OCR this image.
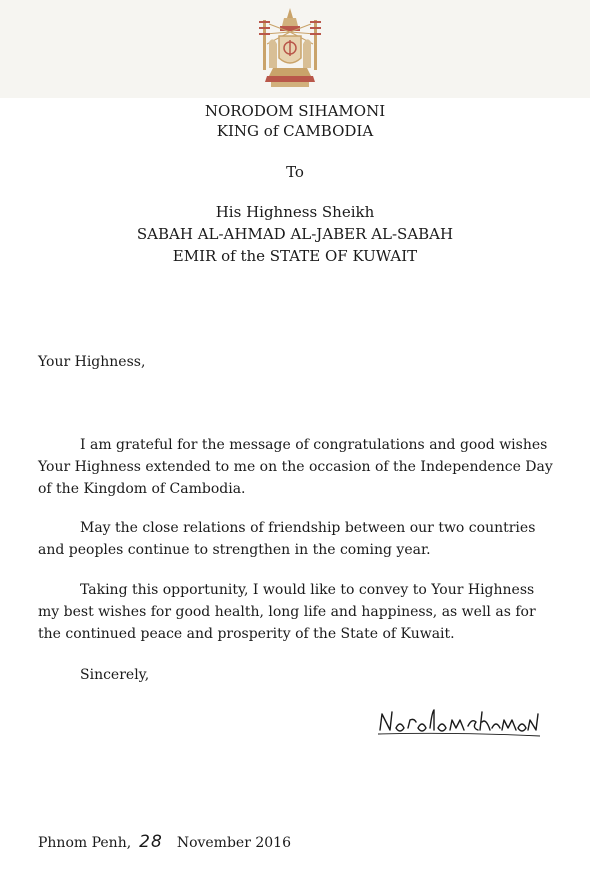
NORODOM SIHAMONI
KING of CAMBODIA
To
His Highness Sheikh
SABAH AL-AHMAD AL-JABER AL-SABAH
EMIR of the STATE OF KUWAIT
Your Highness,
I am grateful for the message of congratulations and good wishes
Your Highness extended to me on the occasion of the Independence Day
of the Kingdom of Cambodia.
May the close relations of friendship between our two countries
and peoples continue to strengthen in the coming year.
Taking this opportunity, I would like to convey to Your Highness
my best wishes for good health, long life and happiness, as well as for
the continued peace and prosperity of the State of Kuwait.
Sincerely,
Phnom Penh, 28 November 2016
